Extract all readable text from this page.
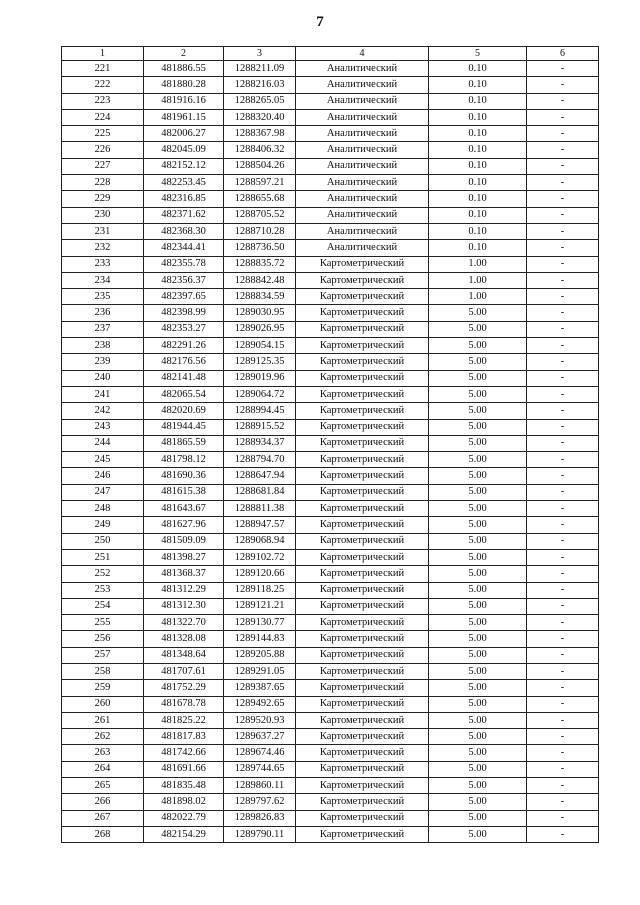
7
1	2	3	4	5	6
221	481886.55	1288211.09	Аналитический	0.10	-
222	481880.28	1288216.03	Аналитический	0.10	-
223	481916.16	1288265.05	Аналитический	0.10	-
224	481961.15	1288320.40	Аналитический	0.10	-
225	482006.27	1288367.98	Аналитический	0.10	-
226	482045.09	1288406.32	Аналитический	0.10	-
227	482152.12	1288504.26	Аналитический	0.10	-
228	482253.45	1288597.21	Аналитический	0.10	-
229	482316.85	1288655.68	Аналитический	0.10	-
230	482371.62	1288705.52	Аналитический	0.10	-
231	482368.30	1288710.28	Аналитический	0.10	-
232	482344.41	1288736.50	Аналитический	0.10	-
233	482355.78	1288835.72	Картометрический	1.00	-
234	482356.37	1288842.48	Картометрический	1.00	-
235	482397.65	1288834.59	Картометрический	1.00	-
236	482398.99	1289030.95	Картометрический	5.00	-
237	482353.27	1289026.95	Картометрический	5.00	-
238	482291.26	1289054.15	Картометрический	5.00	-
239	482176.56	1289125.35	Картометрический	5.00	-
240	482141.48	1289019.96	Картометрический	5.00	-
241	482065.54	1289064.72	Картометрический	5.00	-
242	482020.69	1288994.45	Картометрический	5.00	-
243	481944.45	1288915.52	Картометрический	5.00	-
244	481865.59	1288934.37	Картометрический	5.00	-
245	481798.12	1288794.70	Картометрический	5.00	-
246	481690.36	1288647.94	Картометрический	5.00	-
247	481615.38	1288681.84	Картометрический	5.00	-
248	481643.67	1288811.38	Картометрический	5.00	-
249	481627.96	1288947.57	Картометрический	5.00	-
250	481509.09	1289068.94	Картометрический	5.00	-
251	481398.27	1289102.72	Картометрический	5.00	-
252	481368.37	1289120.66	Картометрический	5.00	-
253	481312.29	1289118.25	Картометрический	5.00	-
254	481312.30	1289121.21	Картометрический	5.00	-
255	481322.70	1289130.77	Картометрический	5.00	-
256	481328.08	1289144.83	Картометрический	5.00	-
257	481348.64	1289205.88	Картометрический	5.00	-
258	481707.61	1289291.05	Картометрический	5.00	-
259	481752.29	1289387.65	Картометрический	5.00	-
260	481678.78	1289492.65	Картометрический	5.00	-
261	481825.22	1289520.93	Картометрический	5.00	-
262	481817.83	1289637.27	Картометрический	5.00	-
263	481742.66	1289674.46	Картометрический	5.00	-
264	481691.66	1289744.65	Картометрический	5.00	-
265	481835.48	1289860.11	Картометрический	5.00	-
266	481898.02	1289797.62	Картометрический	5.00	-
267	482022.79	1289826.83	Картометрический	5.00	-
268	482154.29	1289790.11	Картометрический	5.00	-
